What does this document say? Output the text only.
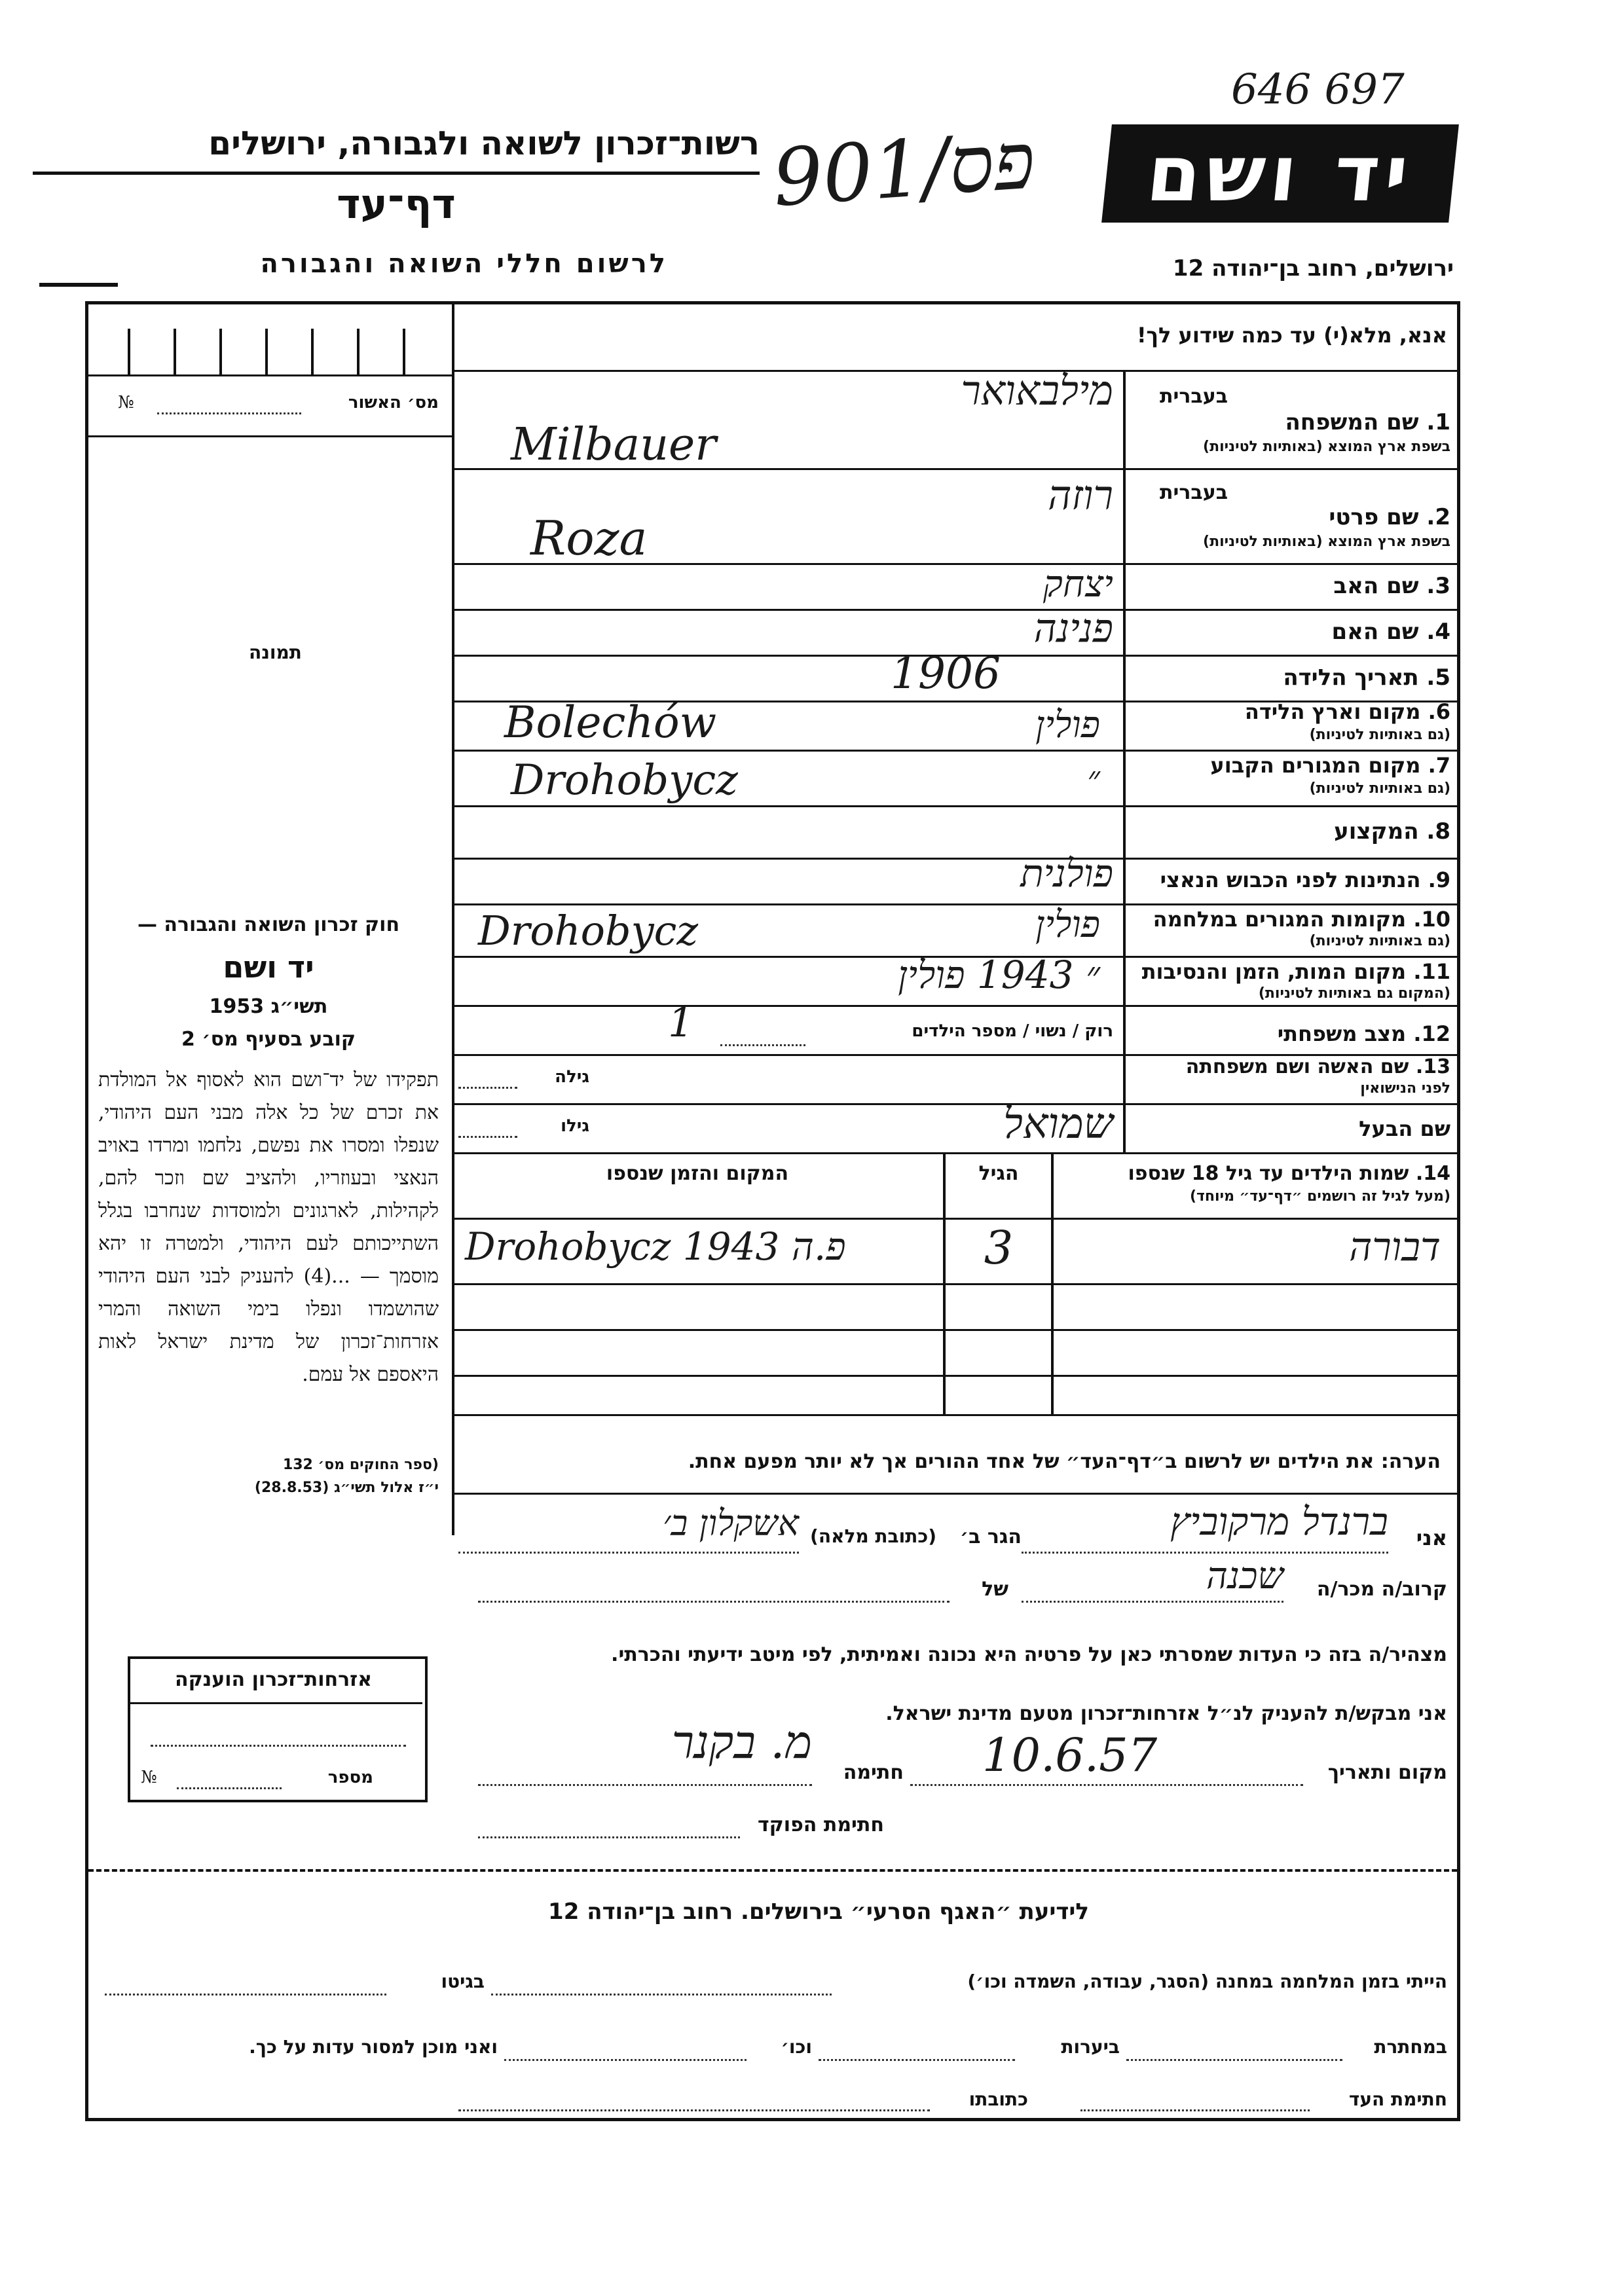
646 697
פס/901
רשות־זכרון לשואה ולגבורה, ירושלים
דף־עד
לרשום חללי השואה והגבורה
יד ושם
ירושלים, רחוב בן־יהודה 12
אנא, מלא(י) עד כמה שידוע לך!
מס׳ האשור
№
תמונה
בעברית
1. שם המשפחה
בשפת ארץ המוצא (באותיות לטיניות)
מילבאואר
Milbauer
בעברית
2. שם פרטי
בשפת ארץ המוצא (באותיות לטיניות)
רוזה
Roza
3. שם האב
יצחק
4. שם האם
פנינה
5. תאריך הלידה
1906
6. מקום וארץ הלידה
(גם באותיות לטיניות)
Bolechów	פולין
7. מקום המגורים הקבוע
(גם באותיות לטיניות)
Drohobycz	״
8. המקצוע
9. הנתינות לפני הכבוש הנאצי
פולנית
10. מקומות המגורים במלחמה
(גם באותיות לטיניות)
Drohobycz	פולין
11. מקום המות, הזמן והנסיבות
(המקום גם באותיות לטיניות)
״ 1943 פולין
12. מצב משפחתי
רוק / נשוי / מספר הילדים
1
13. שם האשה ושם משפחתה
לפני הנישואין
גילה
שם הבעל
גילו	שמואל
14. שמות הילדים עד גיל 18 שנספו
(מעל לגיל זה רושמים ״דף־עד״ מיוחד)
הגיל
המקום והזמן שנספו
דבורה
3
Drohobycz 1943 פ.ה
הערה: את הילדים יש לרשום ב״דף־העד״ של אחד ההורים אך לא יותר מפעם אחת.
חוק זכרון השואה והגבורה —
יד ושם
תשי״ג 1953
קובע בסעיף מס׳ 2
תפקידו של יד־ושם הוא לאסוף אל המולדת את זכרם של כל אלה מבני העם היהודי, שנפלו ומסרו את נפשם, נלחמו ומרדו באויב הנאצי ובעוזריו, ולהציב שם וזכר להם, לקהילות, לארגונים ולמוסדות שנחרבו בגלל השתייכותם לעם היהודי, ולמטרה זו יהא מוסמך — ...(4) להעניק לבני העם היהודי שהושמדו ונפלו בימי השואה והמרי אזרחות־זכרון של מדינת ישראל לאות היאספם אל עמם.
(ספר החוקים מס׳ 132
י״ז אלול תשי״ג (28.8.53)
אני
ברנדל מרקוביץ
הגר ב׳
(כתובת מלאה)
אשקלון ב׳
קרוב/ה מכר/ה
שכנה
של
מצהיר/ה בזה כי העדות שמסרתי כאן על פרטיה היא נכונה ואמיתית, לפי מיטב ידיעתי והכרתי.
אני מבקש/ת להעניק לנ״ל אזרחות־זכרון מטעם מדינת ישראל.
מקום ותאריך
10.6.57
חתימה
מ. בקנר
חתימת הפוקד
אזרחות־זכרון הוענקה
מספר
№
לידיעת ״האגף הסרעי״ בירושלים. רחוב בן־יהודה 12
הייתי בזמן המלחמה במחנה (הסגר, עבודה, השמדה וכו׳)
בגיטו
במחתרת
ביערות
וכו׳
ואני מוכן למסור עדות על כך.
חתימת העד
כתובתו
